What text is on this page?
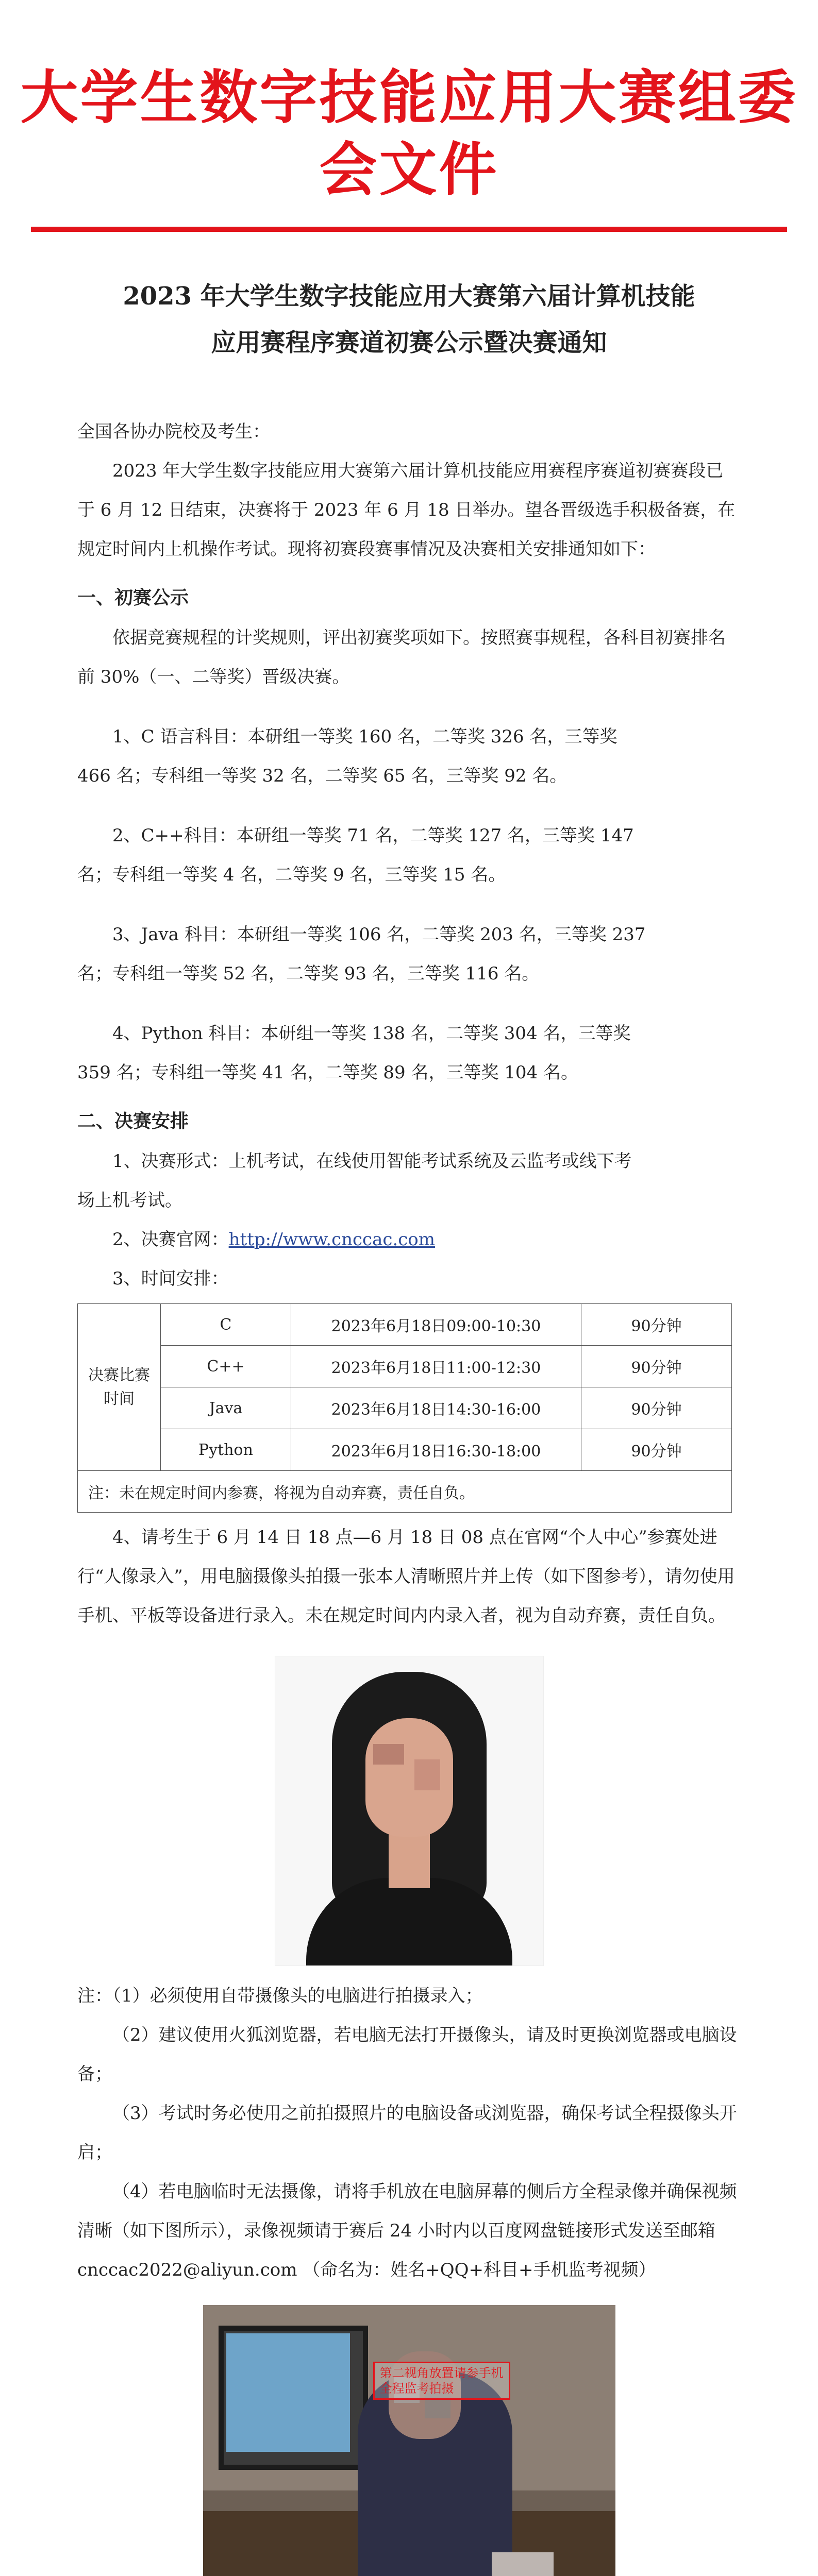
大学生数字技能应用大赛组委会文件
2023 年大学生数字技能应用大赛第六届计算机技能
应用赛程序赛道初赛公示暨决赛通知

全国各协办院校及考生：

2023 年大学生数字技能应用大赛第六届计算机技能应用赛程序赛道初赛赛段已于 6 月 12 日结束，决赛将于 2023 年 6 月 18 日举办。望各晋级选手积极备赛，在规定时间内上机操作考试。现将初赛段赛事情况及决赛相关安排通知如下：

一、初赛公示

依据竞赛规程的计奖规则，评出初赛奖项如下。按照赛事规程，各科目初赛排名前 30%（一、二等奖）晋级决赛。

1、C 语言科目：本研组一等奖 160 名，二等奖 326 名，三等奖

466 名；专科组一等奖 32 名，二等奖 65 名，三等奖 92 名。

2、C++科目：本研组一等奖 71 名，二等奖 127 名，三等奖 147

名；专科组一等奖 4 名，二等奖 9 名，三等奖 15 名。

3、Java 科目：本研组一等奖 106 名，二等奖 203 名，三等奖 237

名；专科组一等奖 52 名，二等奖 93 名，三等奖 116 名。

4、Python 科目：本研组一等奖 138 名，二等奖 304 名，三等奖

359 名；专科组一等奖 41 名，二等奖 89 名，三等奖 104 名。

二、决赛安排

1、决赛形式：上机考试，在线使用智能考试系统及云监考或线下考

场上机考试。

2、决赛官网：http://www.cnccac.com

3、时间安排：

决赛比赛时间	C	2023年6月18日09:00-10:30	90分钟
	C++	2023年6月18日11:00-12:30	90分钟
	Java	2023年6月18日14:30-16:00	90分钟
	Python	2023年6月18日16:30-18:00	90分钟
注：未在规定时间内参赛，将视为自动弃赛，责任自负。			

4、请考生于 6 月 14 日 18 点—6 月 18 日 08 点在官网“个人中心”参赛处进行“人像录入”，用电脑摄像头拍摄一张本人清晰照片并上传（如下图参考），请勿使用手机、平板等设备进行录入。未在规定时间内内录入者，视为自动弃赛，责任自负。

注：（1）必须使用自带摄像头的电脑进行拍摄录入；

（2）建议使用火狐浏览器，若电脑无法打开摄像头，请及时更换浏览器或电脑设备；

（3）考试时务必使用之前拍摄照片的电脑设备或浏览器，确保考试全程摄像头开启；

（4）若电脑临时无法摄像，请将手机放在电脑屏幕的侧后方全程录像并确保视频清晰（如下图所示），录像视频请于赛后 24 小时内以百度网盘链接形式发送至邮箱 cnccac2022@aliyun.com （命名为：姓名+QQ+科目+手机监考视频）

第二视角放置请参手机
全程监考拍摄
